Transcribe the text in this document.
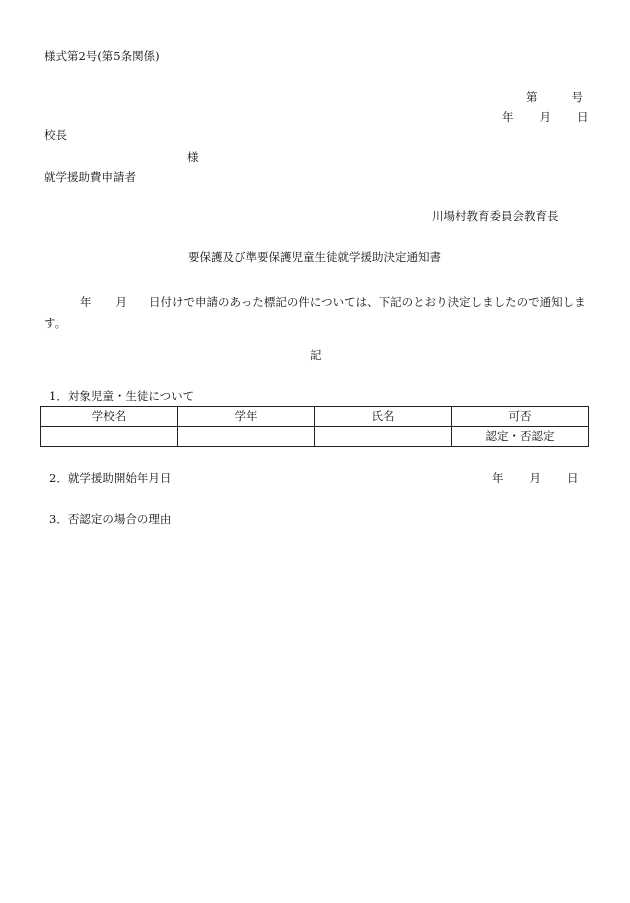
様式第2号(第5条関係)
第	号
年 月 日
校長
様
就学援助費申請者
川場村教育委員会教育長
要保護及び準要保護児童生徒就学援助決定通知書
年 月 日付けで申請のあった標記の件については、下記のとおり決定しましたので通知します。
記
1．対象児童・生徒について
学校名	学年	氏名	可否
			認定・否認定
2．就学援助開始年月日	年 月 日
3．否認定の場合の理由
